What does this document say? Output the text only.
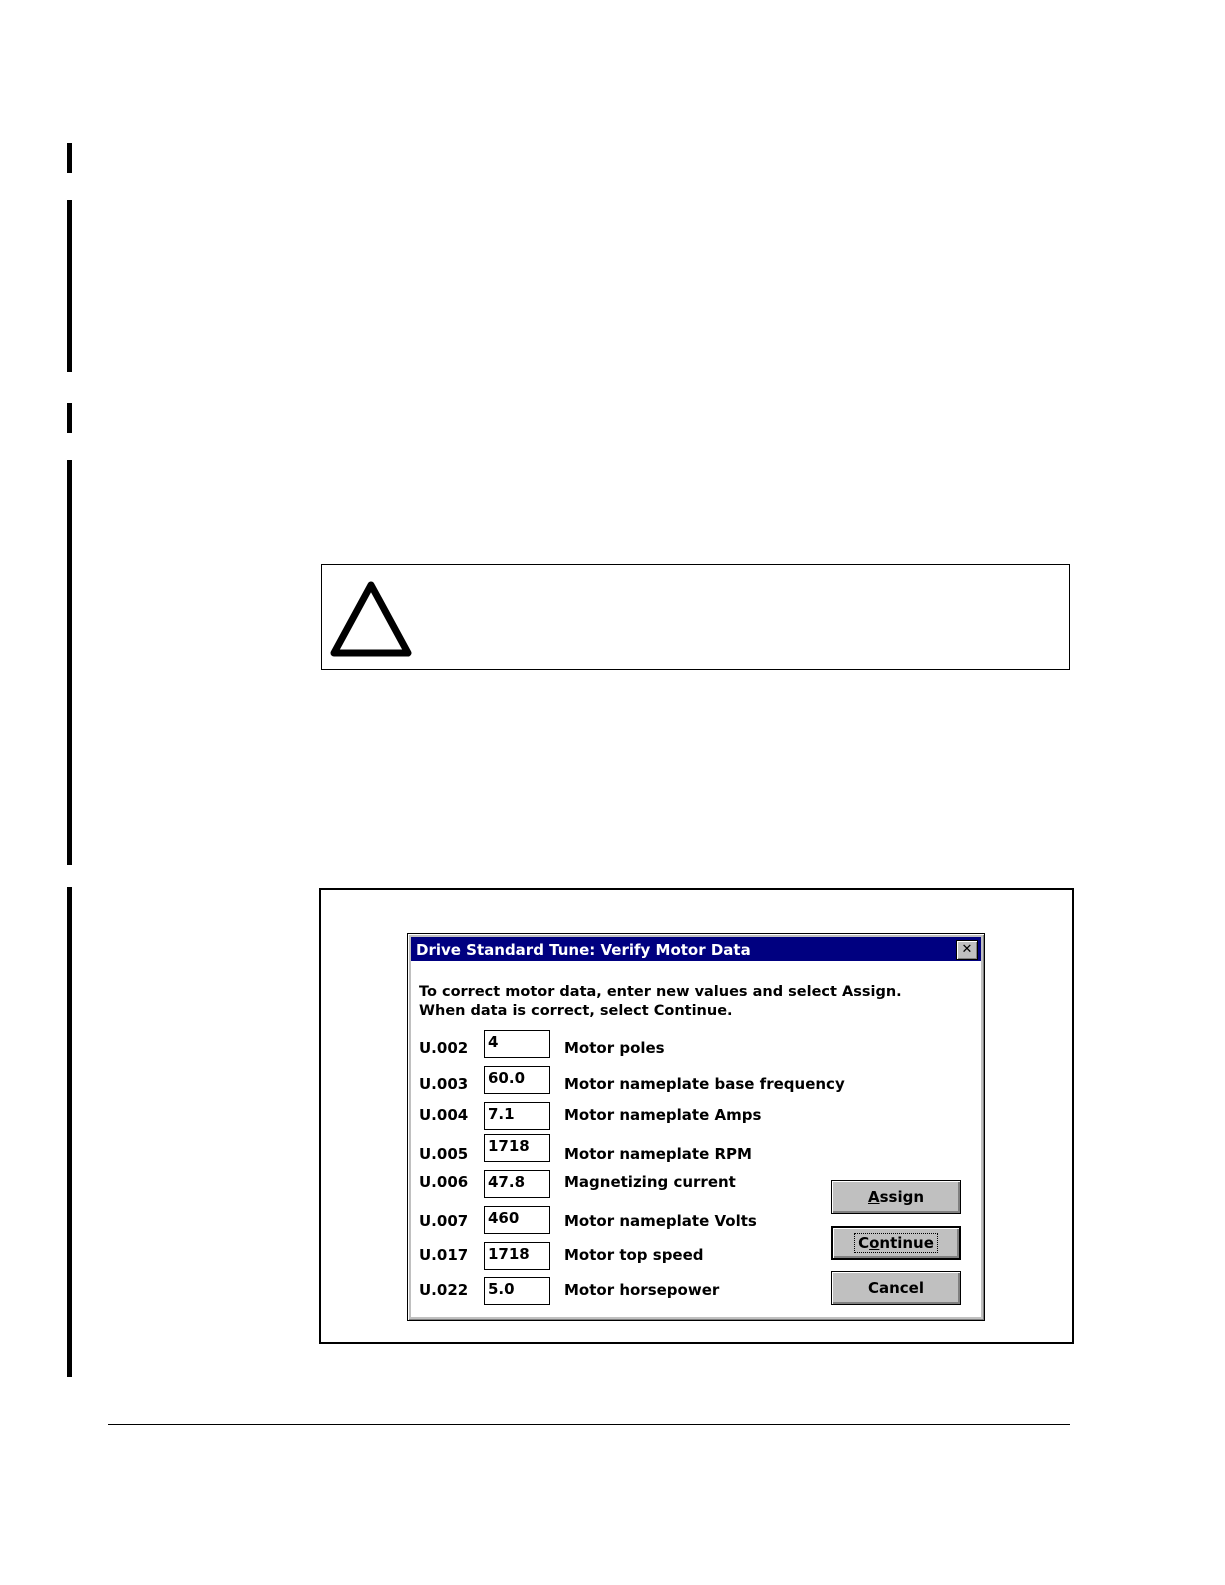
Drive Standard Tune: Verify Motor Data	✕
To correct motor data, enter new values and select Assign.
When data is correct, select Continue.
U.002 4	Motor poles
U.003 60.0	Motor nameplate base frequency
U.004 7.1	Motor nameplate Amps
U.005 1718	Motor nameplate RPM
U.006 47.8	Magnetizing current
U.007 460	Motor nameplate Volts
U.017 1718	Motor top speed
U.022 5.0	Motor horsepower
Assign
Continue
Cancel
